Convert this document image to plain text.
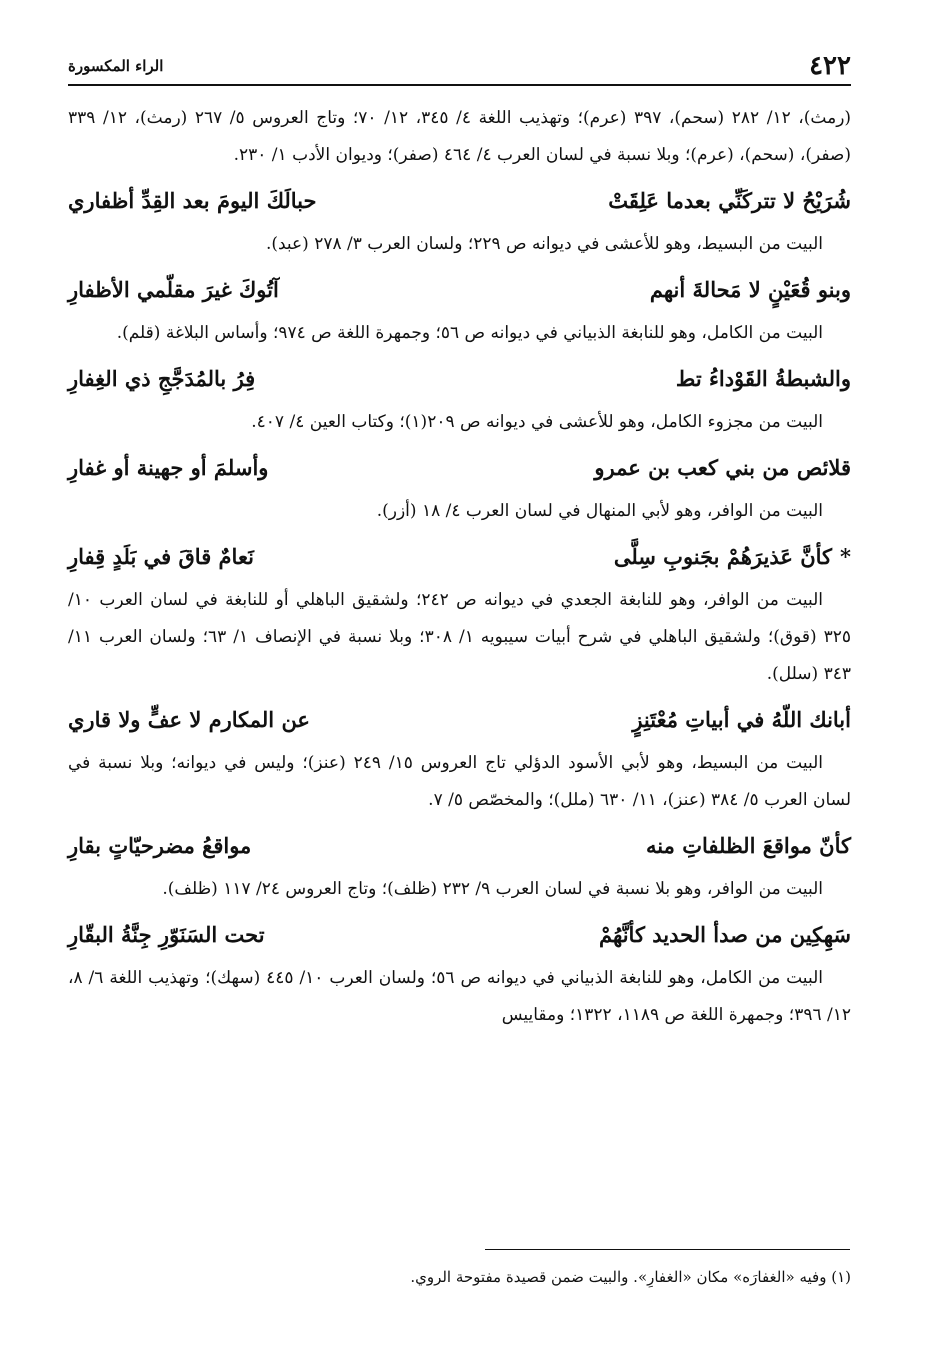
٤٢٢
الراء المكسورة

(رمث)، ١٢/ ٢٨٢ (سحم)، ٣٩٧ (عرم)؛ وتهذيب اللغة ٤/ ٣٤٥، ١٢/ ٧٠؛ وتاج العروس ٥/ ٢٦٧ (رمث)، ١٢/ ٣٣٩ (صفر)، (سحم)، (عرم)؛ وبلا نسبة في لسان العرب ٤/ ٤٦٤ (صفر)؛ وديوان الأدب ١/ ٢٣٠.

شُرَيْحُ لا تتركَنِّي بعدما عَلِقَتْ
حبالَكَ اليومَ بعد القِدِّ أظفاري

البيت من البسيط، وهو للأعشى في ديوانه ص ٢٢٩؛ ولسان العرب ٣/ ٢٧٨ (عبد).

وبنو قُعَيْنٍ لا مَحالةَ أنهم
آتُوكَ غيرَ مقلّمي الأظفارِ

البيت من الكامل، وهو للنابغة الذبياني في ديوانه ص ٥٦؛ وجمهرة اللغة ص ٩٧٤؛ وأساس البلاغة (قلم).

والشبطةُ القَوْداءُ تط
فِرُ بالمُدَجَّجِ ذي الغِفارِ

البيت من مجزوء الكامل، وهو للأعشى في ديوانه ص ٢٠٩(١)؛ وكتاب العين ٤/ ٤٠٧.

قلائص من بني كعب بن عمرو
وأسلمَ أو جهينة أو غفارِ

البيت من الوافر، وهو لأبي المنهال في لسان العرب ٤/ ١٨ (أزر).

*كأنَّ عَذيرَهُمْ بجَنوبِ سِلَّى
نَعامٌ قاقَ في بَلَدٍ قِفارِ

البيت من الوافر، وهو للنابغة الجعدي في ديوانه ص ٢٤٢؛ ولشقيق الباهلي أو للنابغة في لسان العرب ١٠/ ٣٢٥ (قوق)؛ ولشقيق الباهلي في شرح أبيات سيبويه ١/ ٣٠٨؛ وبلا نسبة في الإنصاف ١/ ٦٣؛ ولسان العرب ١١/ ٣٤٣ (سلل).

أبانك اللّهُ في أبياتِ مُعْتَنِزٍ
عن المكارم لا عفٍّ ولا قاري

البيت من البسيط، وهو لأبي الأسود الدؤلي تاج العروس ١٥/ ٢٤٩ (عنز)؛ وليس في ديوانه؛ وبلا نسبة في لسان العرب ٥/ ٣٨٤ (عنز)، ١١/ ٦٣٠ (ملل)؛ والمخصّص ٥/ ٧.

كأنّ مواقعَ الظلفاتِ منه
مواقعُ مضرحيّاتٍ بقارِ

البيت من الوافر، وهو بلا نسبة في لسان العرب ٩/ ٢٣٢ (ظلف)؛ وتاج العروس ٢٤/ ١١٧ (ظلف).

سَهِكِين من صدأ الحديد كأنَّهُمْ
تحت السَنَوّرِ جِنَّةُ البقّارِ

البيت من الكامل، وهو للنابغة الذبياني في ديوانه ص ٥٦؛ ولسان العرب ١٠/ ٤٤٥ (سهك)؛ وتهذيب اللغة ٦/ ٨، ١٢/ ٣٩٦؛ وجمهرة اللغة ص ١١٨٩، ١٣٢٢؛ ومقاييس

(١) وفيه «الغفارَه» مكان «الغفارِ». والبيت ضمن قصيدة مفتوحة الروي.
